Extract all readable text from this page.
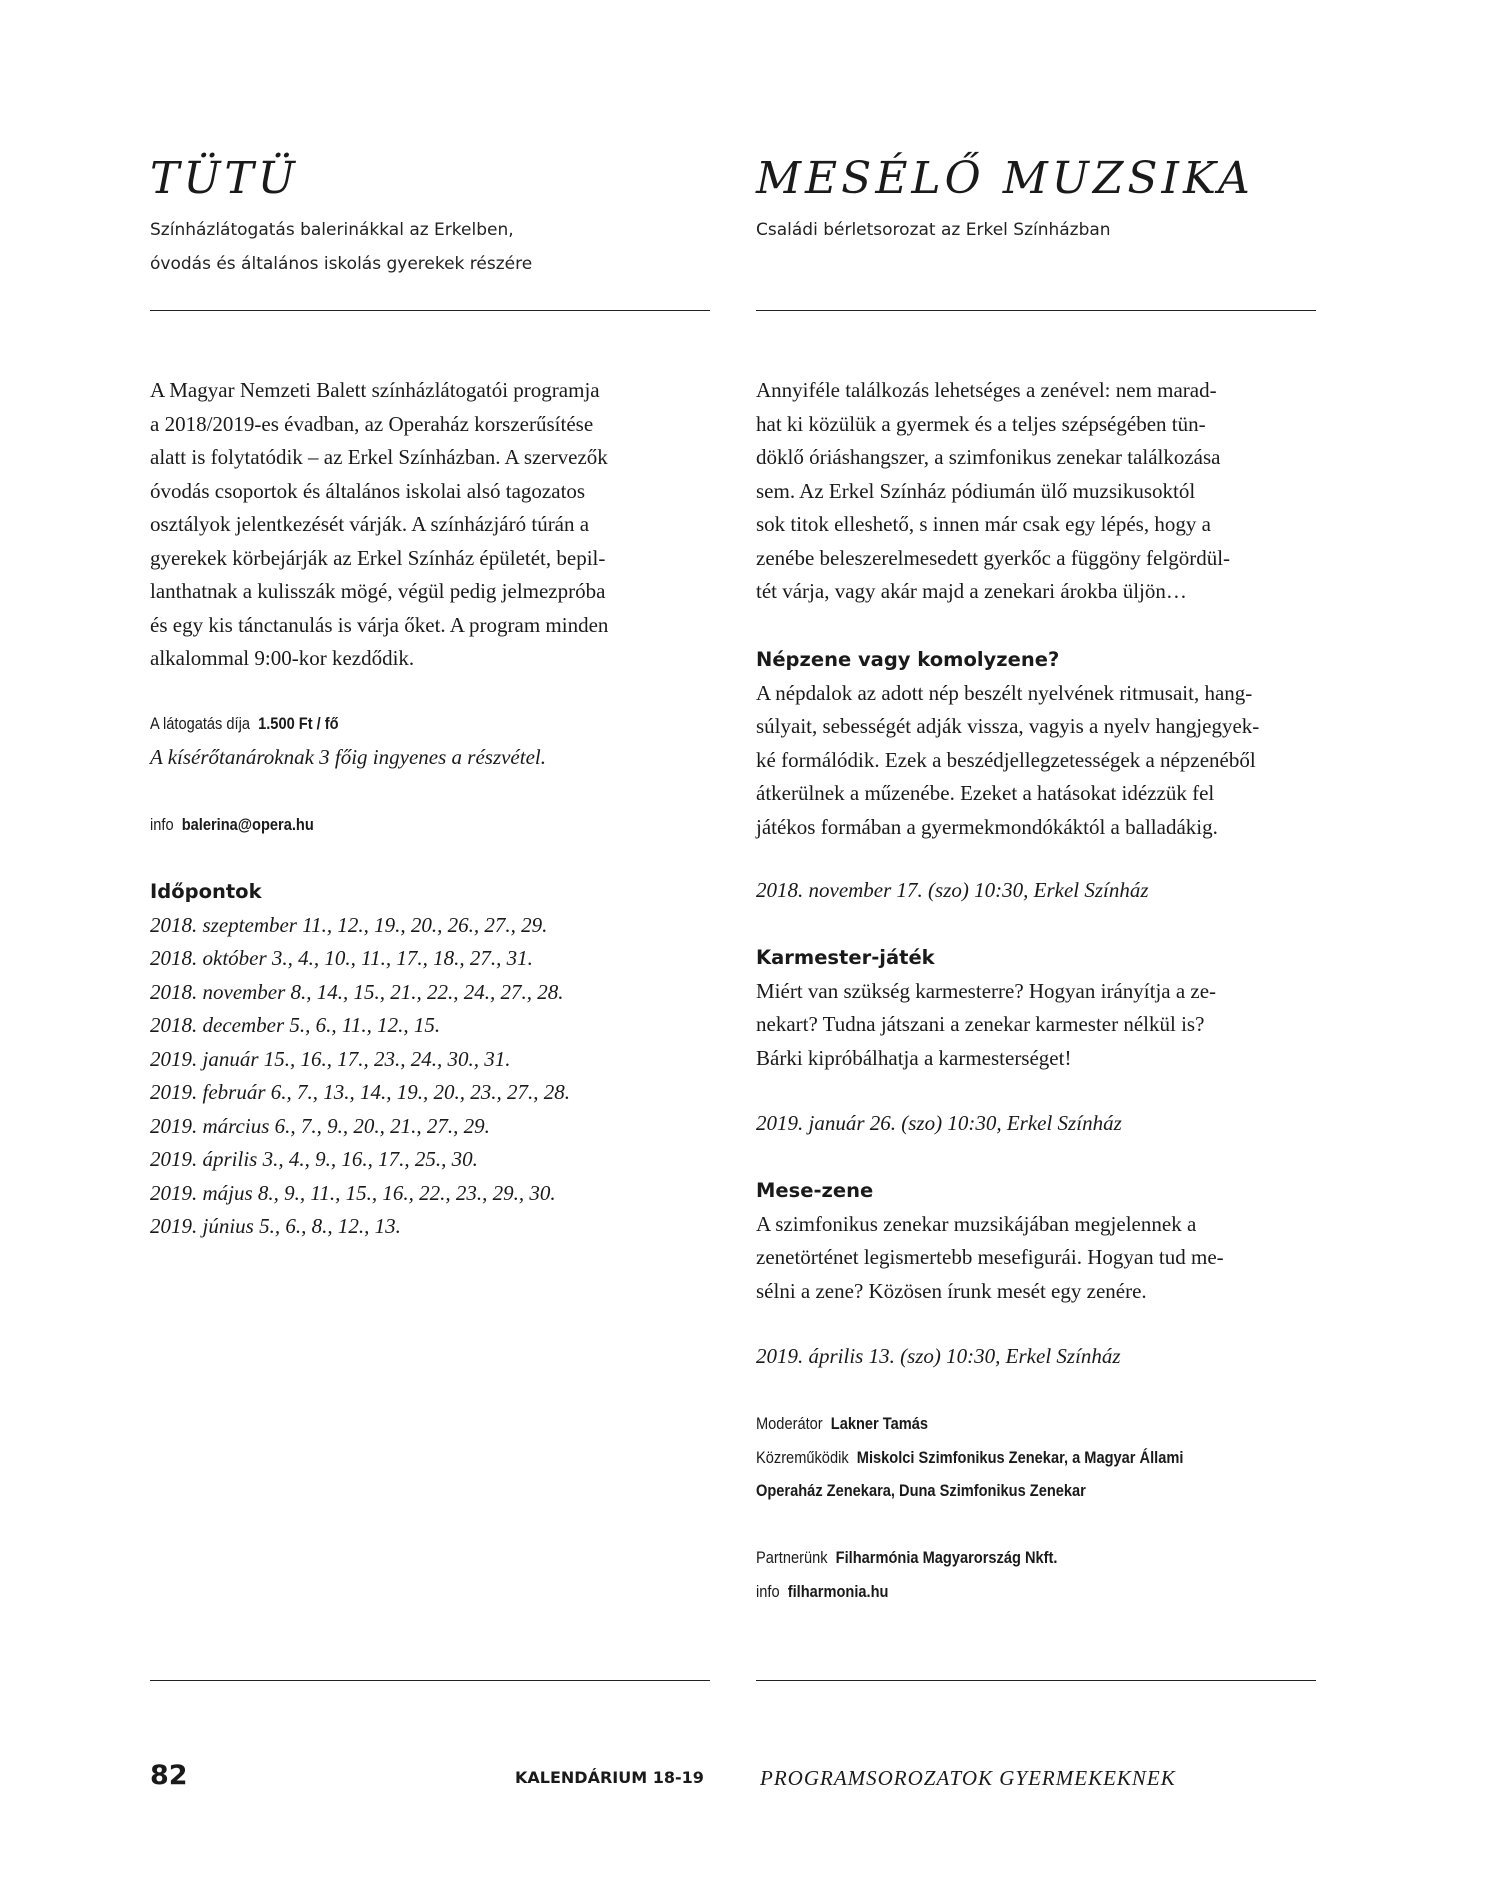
TÜTÜ
Színházlátogatás balerinákkal az Erkelben,
óvodás és általános iskolás gyerekek részére

A Magyar Nemzeti Balett színházlátogatói programja

a 2018/2019-es évadban, az Operaház korszerűsítése

alatt is folytatódik – az Erkel Színházban. A szervezők

óvodás csoportok és általános iskolai alsó tagozatos

osztályok jelentkezését várják. A színházjáró túrán a

gyerekek körbejárják az Erkel Színház épületét, bepil-

lanthatnak a kulisszák mögé, végül pedig jelmezpróba

és egy kis tánctanulás is várja őket. A program minden

alkalommal 9:00-kor kezdődik.

A látogatás díja 1.500 Ft / fő

A kísérőtanároknak 3 főig ingyenes a részvétel.

info balerina@opera.hu
Időpontok
2018. szeptember 11., 12., 19., 20., 26., 27., 29.
2018. október 3., 4., 10., 11., 17., 18., 27., 31.
2018. november 8., 14., 15., 21., 22., 24., 27., 28.
2018. december 5., 6., 11., 12., 15.
2019. január 15., 16., 17., 23., 24., 30., 31.
2019. február 6., 7., 13., 14., 19., 20., 23., 27., 28.
2019. március 6., 7., 9., 20., 21., 27., 29.
2019. április 3., 4., 9., 16., 17., 25., 30.
2019. május 8., 9., 11., 15., 16., 22., 23., 29., 30.
2019. június 5., 6., 8., 12., 13.
MESÉLŐ MUZSIKA
Családi bérletsorozat az Erkel Színházban

Annyiféle találkozás lehetséges a zenével: nem marad-

hat ki közülük a gyermek és a teljes szépségében tün-

döklő óriáshangszer, a szimfonikus zenekar találkozása

sem. Az Erkel Színház pódiumán ülő muzsikusoktól

sok titok elleshető, s innen már csak egy lépés, hogy a

zenébe beleszerelmesedett gyerkőc a függöny felgördül-

tét várja, vagy akár majd a zenekari árokba üljön…

Népzene vagy komolyzene?

A népdalok az adott nép beszélt nyelvének ritmusait, hang-

súlyait, sebességét adják vissza, vagyis a nyelv hangjegyek-

ké formálódik. Ezek a beszédjellegzetességek a népzenéből

átkerülnek a műzenébe. Ezeket a hatásokat idézzük fel

játékos formában a gyermekmondókáktól a balladákig.

2018. november 17. (szo) 10:30, Erkel Színház

Karmester-játék

Miért van szükség karmesterre? Hogyan irányítja a ze-

nekart? Tudna játszani a zenekar karmester nélkül is?

Bárki kipróbálhatja a karmesterséget!

2019. január 26. (szo) 10:30, Erkel Színház

Mese-zene

A szimfonikus zenekar muzsikájában megjelennek a

zenetörténet legismertebb mesefigurái. Hogyan tud me-

sélni a zene? Közösen írunk mesét egy zenére.

2019. április 13. (szo) 10:30, Erkel Színház

Moderátor Lakner Tamás
Közreműködik Miskolci Szimfonikus Zenekar, a Magyar Állami
Operaház Zenekara, Duna Szimfonikus Zenekar
Partnerünk Filharmónia Magyarország Nkft.
info filharmonia.hu
82	KALENDÁRIUM 18-19	PROGRAMSOROZATOK GYERMEKEKNEK
